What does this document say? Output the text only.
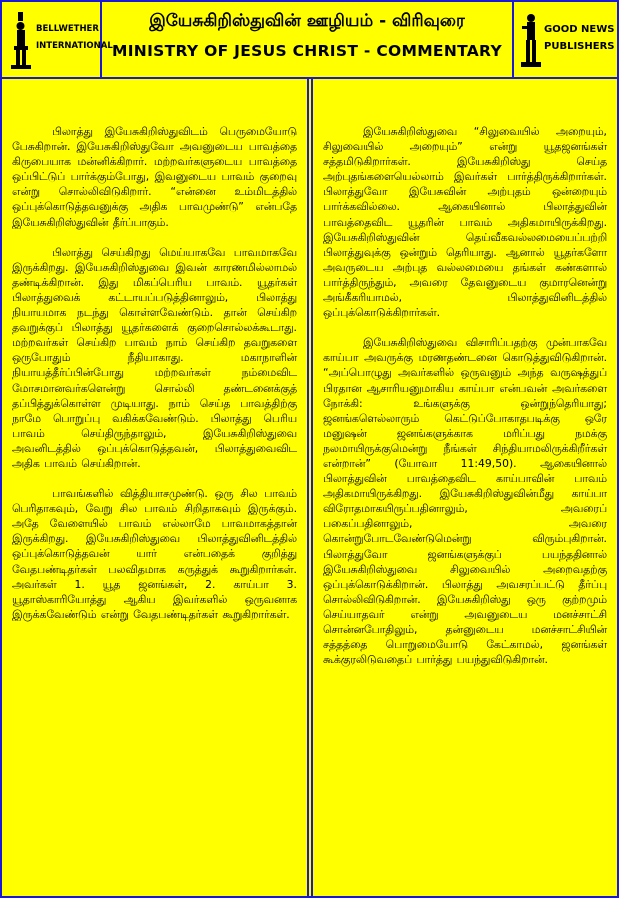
BELLWETHER
INTERNATIONAL
இயேசுகிறிஸ்துவின் ஊழியம் - விரிவுரை
MINISTRY OF JESUS CHRIST - COMMENTARY
GOOD NEWS
PUBLISHERS

பிலாத்து இயேசுகிறிஸ்துவிடம் பெருமையோடு பேசுகிறான். இயேசுகிறிஸ்துவோ அவனுடைய பாவத்தை கிருபையாக மன்னிக்கிறார். மற்றவர்களுடைய பாவத்தை ஒப்பிட்டுப் பார்க்கும்போது, இவனுடைய பாவம் குறைவு என்று சொல்லிவிடுகிறார். “என்னை உம்மிடத்தில் ஒப்புக்கொடுத்தவனுக்கு அதிக பாவமுண்டு” என்பதே இயேசுகிறிஸ்துவின் தீர்ப்பாகும்.

பிலாத்து செய்கிறது மெய்யாகவே பாவமாகவே இருக்கிறது. இயேசுகிறிஸ்துவை இவன் காரணமில்லாமல் தண்டிக்கிறான். இது மிகப்பெரிய பாவம். யூதர்கள் பிலாத்துவைக் கட்டாயப்படுத்தினாலும், பிலாத்து நியாயமாக நடந்து கொள்ளவேண்டும். தான் செய்கிற தவறுக்குப் பிலாத்து யூதர்களைக் குறைசொல்லக்கூடாது. மற்றவர்கள் செய்கிற பாவம் நாம் செய்கிற தவறுகளை ஒருபோதும் நீதியாகாது. மகாநாளின் நியாயத்தீர்ப்பின்போது மற்றவர்கள் நம்மைவிட மோசமானவர்களென்று சொல்லி தண்டனைக்குத் தப்பித்துக்கொள்ள முடியாது. நாம் செய்த பாவத்திற்கு நாமே பொறுப்பு வகிக்கவேண்டும். பிலாத்து பெரிய பாவம் செய்திருந்தாலும், இயேசுகிறிஸ்துவை அவனிடத்தில் ஒப்புக்கொடுத்தவன், பிலாத்துவைவிட அதிக பாவம் செய்கிறான்.

பாவங்களில் வித்தியாசமுண்டு. ஒரு சில பாவம் பெரிதாகவும், வேறு சில பாவம் சிறிதாகவும் இருக்கும். அதே வேளையில் பாவம் எல்லாமே பாவமாகத்தான் இருக்கிறது. இயேசுகிறிஸ்துவை பிலாத்துவினிடத்தில் ஒப்புக்கொடுத்தவன் யார் என்பதைக் குறித்து வேதபண்டிதர்கள் பலவிதமாக கருத்துக் கூறுகிறார்கள். அவர்கள் 1. யூத ஜனங்கள், 2. காய்பா 3. யூதாஸ்காரியோத்து ஆகிய இவர்களில் ஒருவனாக இருக்கவேண்டும் என்று வேதபண்டிதர்கள் கூறுகிறார்கள்.

இயேசுகிறிஸ்துவை “சிலுவையில் அறையும், சிலுவையில் அறையும்” என்று யூதஜனங்கள் சத்தமிடுகிறார்கள். இயேசுகிறிஸ்து செய்த அற்புதங்களையெல்லாம் இவர்கள் பார்த்திருக்கிறார்கள். பிலாத்துவோ இயேசுவின் அற்புதம் ஒன்றையும் பார்க்கவில்லை. ஆகையினால் பிலாத்துவின் பாவத்தைவிட யூதரின் பாவம் அதிகமாயிருக்கிறது. இயேசுகிறிஸ்துவின் தெய்வீகவல்லமையைப்பற்றி பிலாத்துவுக்கு ஒன்றும் தெரியாது. ஆனால் யூதர்களோ அவருடைய அற்புத வல்லமையை தங்கள் கண்களால் பார்த்திருந்தும், அவரை தேவனுடைய குமாரனென்று அங்கீகரியாமல், பிலாத்துவினிடத்தில் ஒப்புக்கொடுக்கிறார்கள்.

இயேசுகிறிஸ்துவை விசாரிப்பதற்கு முன்பாகவே காய்பா அவருக்கு மரணதண்டனை கொடுத்துவிடுகிறான். “அப்பொழுது அவர்களில் ஒருவனும் அந்த வருஷத்துப் பிரதான ஆசாரியனுமாகிய காய்பா என்பவன் அவர்களை நோக்கி: உங்களுக்கு ஒன்றுந்தெரியாது; ஜனங்களெல்லாரும் கெட்டுப்போகாதபடிக்கு ஒரே மனுஷன் ஜனங்களுக்காக மரிப்பது நமக்கு நலமாயிருக்குமென்று நீங்கள் சிந்தியாமலிருக்கிறீர்கள் என்றான்” (யோவா 11:49,50). ஆகையினால் பிலாத்துவின் பாவத்தைவிட காய்பாவின் பாவம் அதிகமாயிருக்கிறது. இயேசுகிறிஸ்துவின்மீது காய்பா விரோதமாகயிருப்பதினாலும், அவரைப் பகைப்பதினாலும், அவரை கொன்றுபோடவேண்டுமென்று விரும்புகிறான். பிலாத்துவோ ஜனங்களுக்குப் பயந்ததினால் இயேசுகிறிஸ்துவை சிலுவையில் அறைவதற்கு ஒப்புக்கொடுக்கிறான். பிலாத்து அவசரப்பட்டு தீர்ப்பு சொல்லிவிடுகிறான். இயேசுகிறிஸ்து ஒரு குற்றமும் செய்யாதவர் என்று அவனுடைய மனச்சாட்சி சொன்னபோதிலும், தன்னுடைய மனச்சாட்சியின் சத்தத்தை பொறுமையோடு கேட்காமல், ஜனங்கள் கூக்குரலிடுவதைப் பார்த்து பயந்துவிடுகிறான்.
